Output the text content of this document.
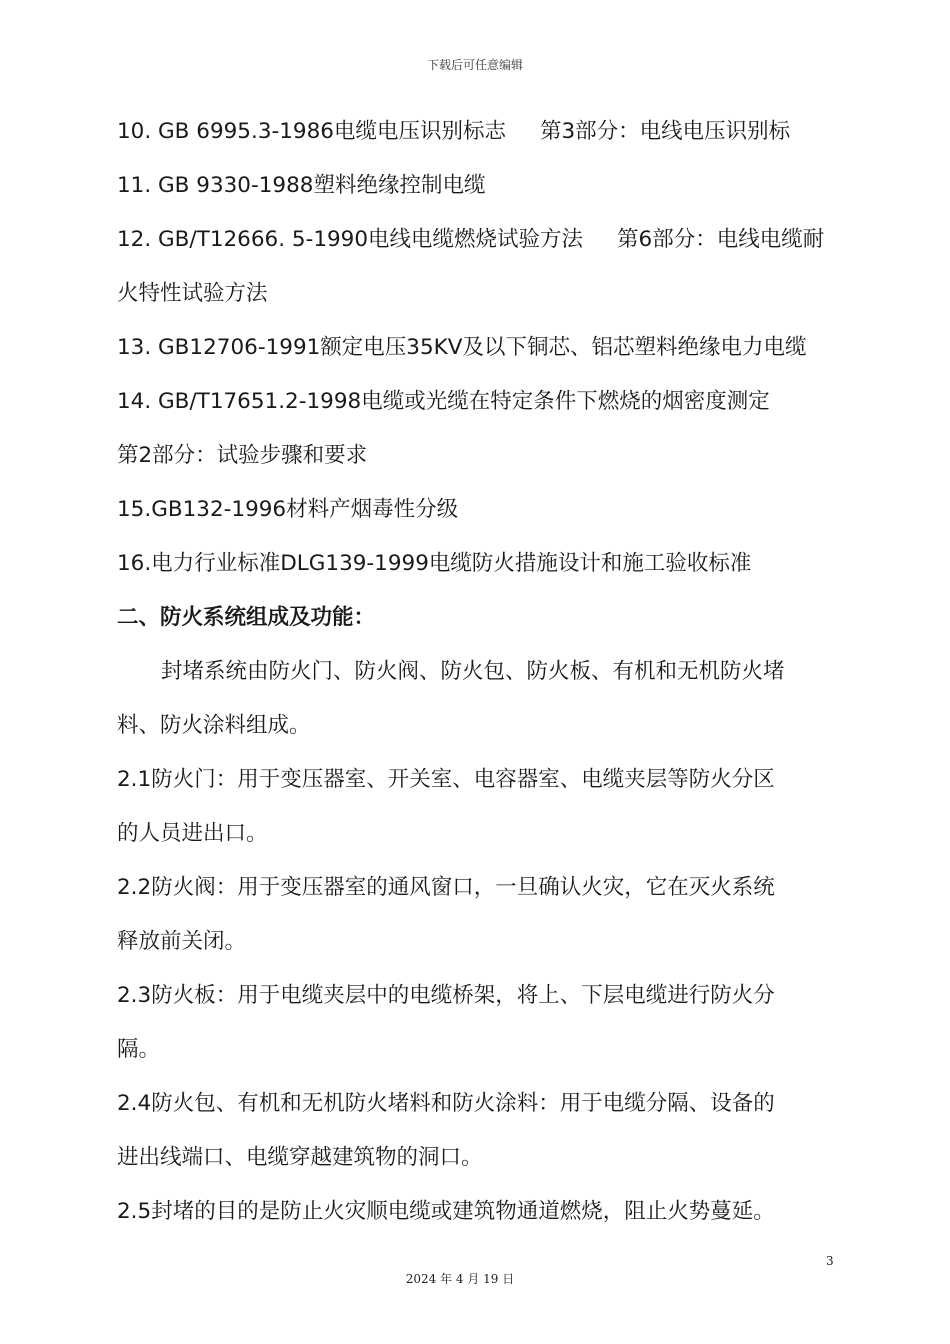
下载后可任意编辑
10. GB 6995.3-1986电缆电压识别标志 第3部分：电线电压识别标
11. GB 9330-1988塑料绝缘控制电缆
12. GB/T12666. 5-1990电线电缆燃烧试验方法 第6部分：电线电缆耐
火特性试验方法
13. GB12706-1991额定电压35KV及以下铜芯、铝芯塑料绝缘电力电缆
14. GB/T17651.2-1998电缆或光缆在特定条件下燃烧的烟密度测定
第2部分：试验步骤和要求
15.GB132-1996材料产烟毒性分级
16.电力行业标准DLG139-1999电缆防火措施设计和施工验收标准
二、防火系统组成及功能：
封堵系统由防火门、防火阀、防火包、防火板、有机和无机防火堵
料、防火涂料组成。
2.1防火门：用于变压器室、开关室、电容器室、电缆夹层等防火分区
的人员进出口。
2.2防火阀：用于变压器室的通风窗口，一旦确认火灾，它在灭火系统
释放前关闭。
2.3防火板：用于电缆夹层中的电缆桥架，将上、下层电缆进行防火分
隔。
2.4防火包、有机和无机防火堵料和防火涂料：用于电缆分隔、设备的
进出线端口、电缆穿越建筑物的洞口。
2.5封堵的目的是防止火灾顺电缆或建筑物通道燃烧，阻止火势蔓延。
3
2024 年 4 月 19 日
